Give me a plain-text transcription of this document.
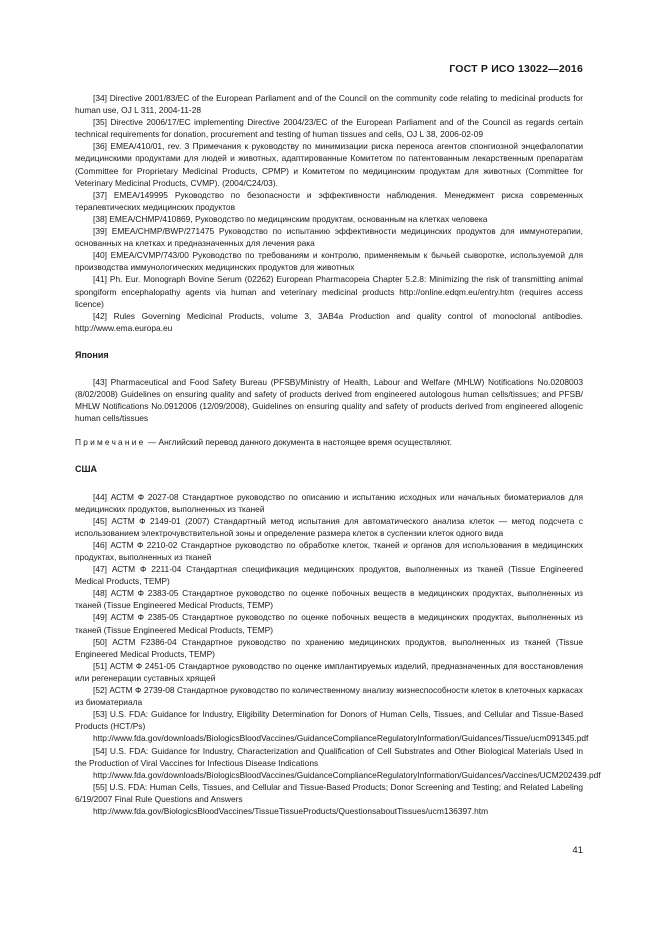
ГОСТ Р ИСО 13022—2016

[34] Directive 2001/83/EC of the European Parliament and of the Council on the community code relating to medicinal products for human use, OJ L 311, 2004-11-28

[35] Directive 2006/17/EC implementing Directive 2004/23/EC of the European Parliament and of the Council as regards certain technical requirements for donation, procurement and testing of human tissues and cells, OJ L 38, 2006-02-09

[36] EMEA/410/01, rev. 3 Примечания к руководству по минимизации риска переноса агентов спонгиозной энцефалопатии медицинскими продуктами для людей и животных, адаптированные Комитетом по патентованным лекарственным препаратам (Committee for Proprietary Medicinal Products, CPMP) и Комитетом по медицинским продуктам для животных (Committee for Veterinary Medicinal Products, CVMP). (2004/C24/03).

[37] EMEA/149995 Руководство по безопасности и эффективности наблюдения. Менеджмент риска современных терапевтических медицинских продуктов

[38] EMEA/CHMP/410869, Руководство по медицинским продуктам, основанным на клетках человека

[39] EMEA/CHMP/BWP/271475 Руководство по испытанию эффективности медицинских продуктов для иммунотерапии, основанных на клетках и предназначенных для лечения рака

[40] EMEA/CVMP/743/00 Руководство по требованиям и контролю, применяемым к бычьей сыворотке, используемой для производства иммунологических медицинских продуктов для животных

[41] Ph. Eur. Monograph Bovine Serum (02262) European Pharmacopeia Chapter 5.2.8: Minimizing the risk of transmitting animal spongiform encephalopathy agents via human and veterinary medicinal products http://online.edqm.eu/entry.htm (requires access licence)

[42] Rules Governing Medicinal Products, volume 3, 3AB4a Production and quality control of monoclonal antibodies. http://www.ema.europa.eu

Япония

[43] Pharmaceutical and Food Safety Bureau (PFSB)/Ministry of Health, Labour and Welfare (MHLW) Notifications No.0208003 (8/02/2008) Guidelines on ensuring quality and safety of products derived from engineered autologous human cells/tissues; and PFSB/ MHLW Notifications No.0912006 (12/09/2008), Guidelines on ensuring quality and safety of products derived from engineered allogenic human cells/tissues

Примечание — Английский перевод данного документа в настоящее время осуществляют.

США

[44] АСТМ Ф 2027-08 Стандартное руководство по описанию и испытанию исходных или начальных биоматериалов для медицинских продуктов, выполненных из тканей

[45] АСТМ Ф 2149-01 (2007) Стандартный метод испытания для автоматического анализа клеток — метод подсчета с использованием электрочувствительной зоны и определение размера клеток в суспензии клеток одного вида

[46] АСТМ Ф 2210-02 Стандартное руководство по обработке клеток, тканей и органов для использования в медицинских продуктах, выполненных из тканей

[47] АСТМ Ф 2211-04 Стандартная спецификация медицинских продуктов, выполненных из тканей (Tissue Engineered Medical Products, TEMP)

[48] АСТМ Ф 2383-05 Стандартное руководство по оценке побочных веществ в медицинских продуктах, выполненных из тканей (Tissue Engineered Medical Products, TEMP)

[49] АСТМ Ф 2385-05 Стандартное руководство по оценке побочных веществ в медицинских продуктах, выполненных из тканей (Tissue Engineered Medical Products, TEMP)

[50] АСТМ F2386-04 Стандартное руководство по хранению медицинских продуктов, выполненных из тканей (Tissue Engineered Medical Products, TEMP)

[51] АСТМ Ф 2451-05 Стандартное руководство по оценке имплантируемых изделий, предназначенных для восстановления или регенерации суставных хрящей

[52] АСТМ Ф 2739-08 Стандартное руководство по количественному анализу жизнеспособности клеток в клеточных каркасах из биоматериала

[53] U.S. FDA: Guidance for Industry, Eligibility Determination for Donors of Human Cells, Tissues, and Cellular and Tissue-Based Products (HCT/Ps)

http://www.fda.gov/downloads/BiologicsBloodVaccines/GuidanceComplianceRegulatoryInformation/Guidances/Tissue/ucm091345.pdf

[54] U.S. FDA: Guidance for Industry, Characterization and Qualification of Cell Substrates and Other Biological Materials Used in the Production of Viral Vaccines for Infectious Disease Indications

http://www.fda.gov/downloads/BiologicsBloodVaccines/GuidanceComplianceRegulatoryInformation/Guidances/Vaccines/UCM202439.pdf

[55] U.S. FDA: Human Cells, Tissues, and Cellular and Tissue-Based Products; Donor Screening and Testing; and Related Labeling 6/19/2007 Final Rule Questions and Answers

http://www.fda.gov/BiologicsBloodVaccines/TissueTissueProducts/QuestionsaboutTissues/ucm136397.htm

41
